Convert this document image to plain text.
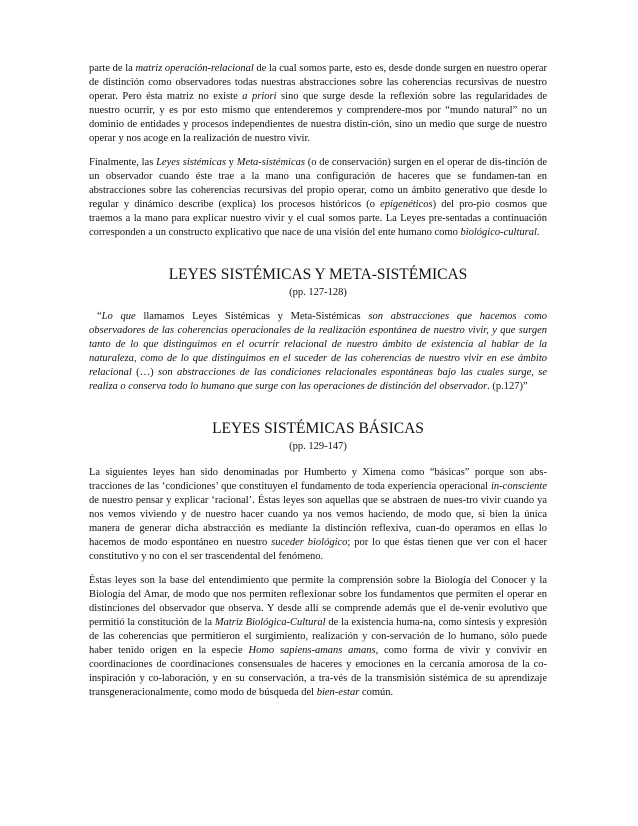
parte de la matriz operación-relacional de la cual somos parte, esto es, desde donde surgen en nuestro operar de distinción como observadores todas nuestras abstracciones sobre las coherencias recursivas de nuestro operar. Pero ésta matriz no existe a priori sino que surge desde la reflexión sobre las regularidades de nuestro ocurrir, y es por esto mismo que entenderemos y comprendere-mos por “mundo natural” no un dominio de entidades y procesos independientes de nuestra distin-ción, sino un medio que surge de nuestro operar y nos acoge en la realización de nuestro vivir.

Finalmente, las Leyes sistémicas y Meta-sistémicas (o de conservación) surgen en el operar de dis-tinción de un observador cuando éste trae a la mano una configuración de haceres que se fundamen-tan en abstracciones sobre las coherencias recursivas del propio operar, como un ámbito generativo que desde lo regular y dinámico describe (explica) los procesos históricos (o epigenéticos) del pro-pio cosmos que traemos a la mano para explicar nuestro vivir y el cual somos parte. La Leyes pre-sentadas a continuación corresponden a un constructo explicativo que nace de una visión del ente humano como biológico-cultural.

LEYES SISTÉMICAS Y META-SISTÉMICAS
(pp. 127-128)

“Lo que llamamos Leyes Sistémicas y Meta-Sistémicas son abstracciones que hacemos como observadores de las coherencias operacionales de la realización espontánea de nuestro vivir, y que surgen tanto de lo que distinguimos en el ocurrir relacional de nuestro ámbito de existencia al hablar de la naturaleza, como de lo que distinguimos en el suceder de las coherencias de nuestro vivir en ese ámbito relacional (…) son abstracciones de las condiciones relacionales espontáneas bajo las cuales surge, se realiza o conserva todo lo humano que surge con las operaciones de distinción del observador. (p.127)”

LEYES SISTÉMICAS BÁSICAS
(pp. 129-147)

La siguientes leyes han sido denominadas por Humberto y Ximena como “básicas” porque son abs-tracciones de las ‘condiciones’ que constituyen el fundamento de toda experiencia operacional in-consciente de nuestro pensar y explicar ‘racional’. Éstas leyes son aquellas que se abstraen de nues-tro vivir cuando ya nos vemos viviendo y de nuestro hacer cuando ya nos vemos haciendo, de modo que, si bien la única manera de generar dicha abstracción es mediante la distinción reflexiva, cuan-do operamos en ellas lo hacemos de modo espontáneo en nuestro suceder biológico; por lo que éstas tienen que ver con el hacer constitutivo y no con el ser trascendental del fenómeno.

Éstas leyes son la base del entendimiento que permite la comprensión sobre la Biología del Conocer y la Biología del Amar, de modo que nos permiten reflexionar sobre los fundamentos que permiten el operar en distinciones del observador que observa. Y desde allí se comprende además que el de-venir evolutivo que permitió la constitución de la Matriz Biológica-Cultural de la existencia huma-na, como síntesis y expresión de las coherencias que permitieron el surgimiento, realización y con-servación de lo humano, sólo puede haber tenido origen en la especie Homo sapiens-amans amans, como forma de vivir y convivir en coordinaciones de coordinaciones consensuales de haceres y emociones en la cercanía amorosa de la co-inspiración y co-laboración, y en su conservación, a tra-vés de la transmisión sistémica de su aprendizaje transgeneracionalmente, como modo de búsqueda del bien-estar común.
